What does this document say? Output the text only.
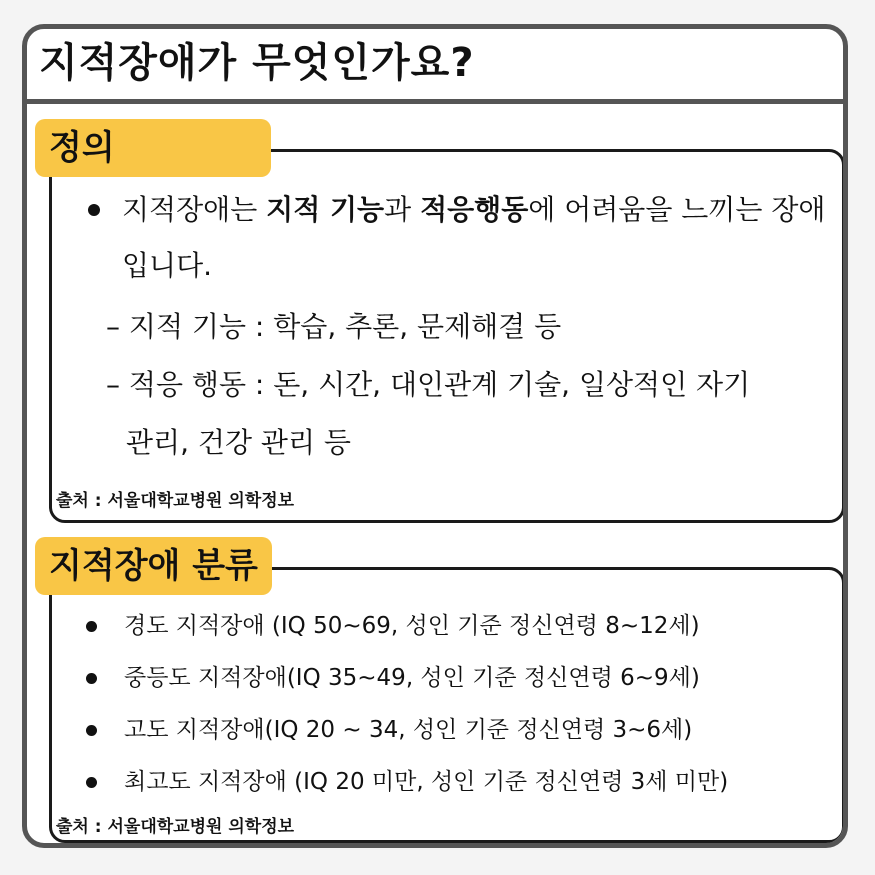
지적장애가 무엇인가요?
지적장애는 지적 기능과 적응행동에 어려움을 느끼는 장애 입니다.
– 지적 기능 : 학습, 추론, 문제해결 등
– 적응 행동 : 돈, 시간, 대인관계 기술, 일상적인 자기
관리, 건강 관리 등
출처 : 서울대학교병원 의학정보
정의
경도 지적장애 (IQ 50~69, 성인 기준 정신연령 8~12세)
중등도 지적장애(IQ 35~49, 성인 기준 정신연령 6~9세)
고도 지적장애(IQ 20 ~ 34, 성인 기준 정신연령 3~6세)
최고도 지적장애 (IQ 20 미만, 성인 기준 정신연령 3세 미만)
출처 : 서울대학교병원 의학정보
지적장애 분류
